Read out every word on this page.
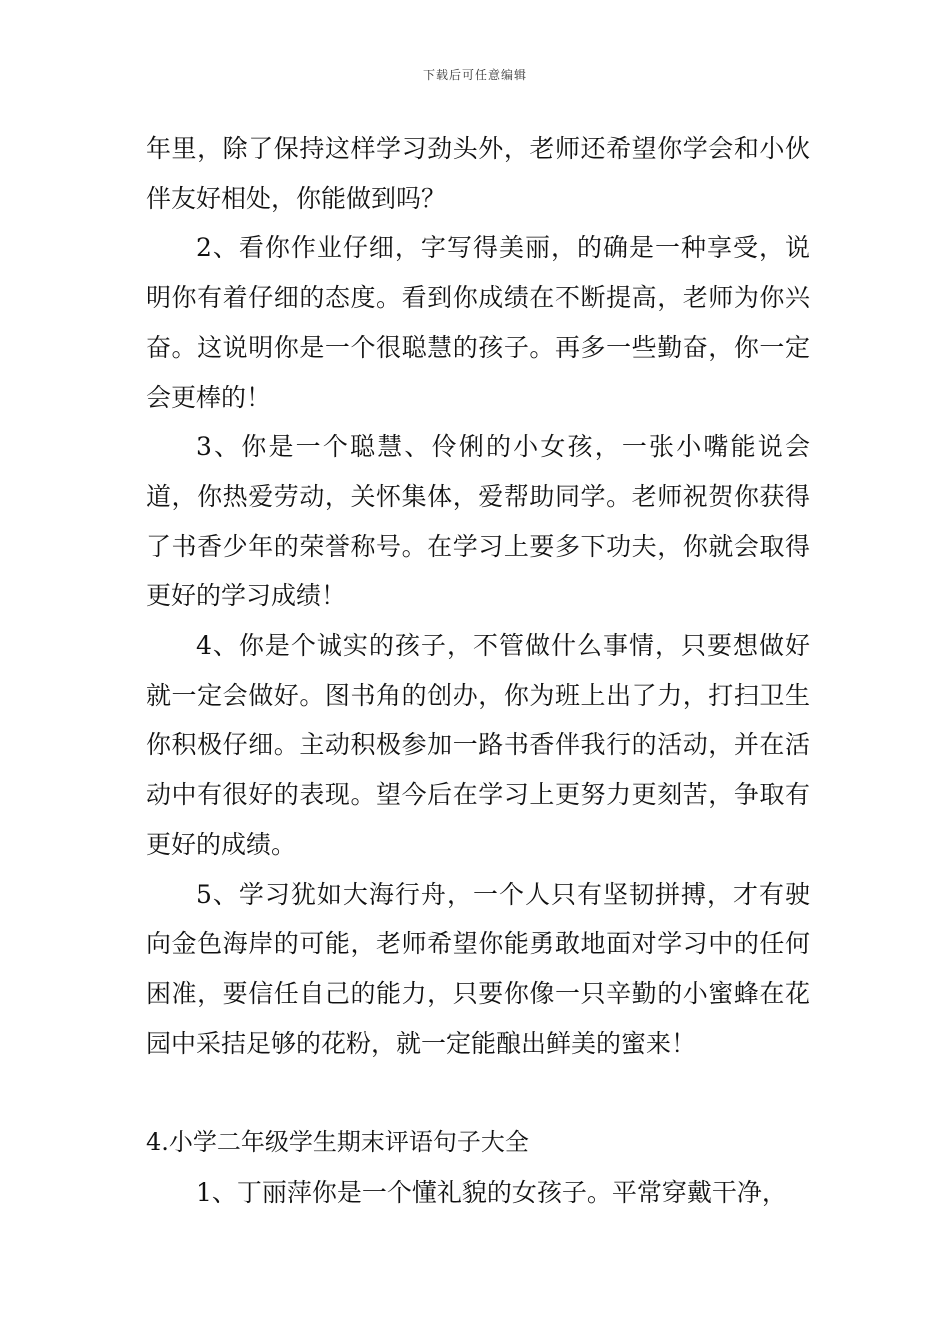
下载后可任意编辑

年里，除了保持这样学习劲头外，老师还希望你学会和小伙伴友好相处，你能做到吗？

2、看你作业仔细，字写得美丽，的确是一种享受，说明你有着仔细的态度。看到你成绩在不断提高，老师为你兴奋。这说明你是一个很聪慧的孩子。再多一些勤奋，你一定会更棒的！

3、你是一个聪慧、伶俐的小女孩，一张小嘴能说会道，你热爱劳动，关怀集体，爱帮助同学。老师祝贺你获得了书香少年的荣誉称号。在学习上要多下功夫，你就会取得更好的学习成绩！

4、你是个诚实的孩子，不管做什么事情，只要想做好就一定会做好。图书角的创办，你为班上出了力，打扫卫生你积极仔细。主动积极参加一路书香伴我行的活动，并在活动中有很好的表现。望今后在学习上更努力更刻苦，争取有更好的成绩。

5、学习犹如大海行舟，一个人只有坚韧拼搏，才有驶向金色海岸的可能，老师希望你能勇敢地面对学习中的任何困准，要信任自己的能力，只要你像一只辛勤的小蜜蜂在花园中采拮足够的花粉，就一定能酿出鲜美的蜜来！

4.小学二年级学生期末评语句子大全

1、丁丽萍你是一个懂礼貌的女孩子。平常穿戴干净，
